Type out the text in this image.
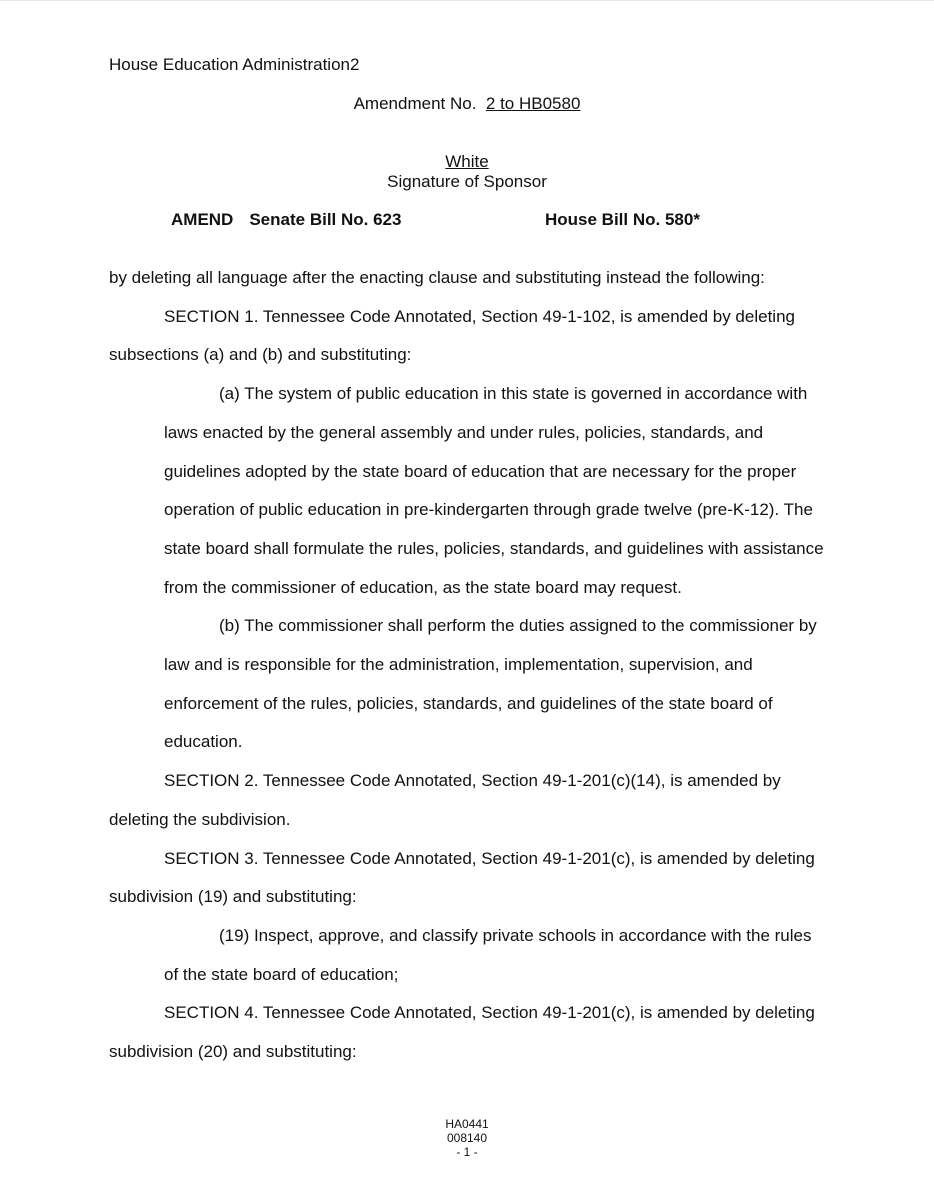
House Education Administration2
Amendment No. 2 to HB0580
White
Signature of Sponsor
AMEND Senate Bill No. 623	House Bill No. 580*

by deleting all language after the enacting clause and substituting instead the following:

SECTION 1. Tennessee Code Annotated, Section 49-1-102, is amended by deleting subsections (a) and (b) and substituting:

(a) The system of public education in this state is governed in accordance with laws enacted by the general assembly and under rules, policies, standards, and guidelines adopted by the state board of education that are necessary for the proper operation of public education in pre-kindergarten through grade twelve (pre-K-12). The state board shall formulate the rules, policies, standards, and guidelines with assistance from the commissioner of education, as the state board may request.

(b) The commissioner shall perform the duties assigned to the commissioner by law and is responsible for the administration, implementation, supervision, and enforcement of the rules, policies, standards, and guidelines of the state board of education.

SECTION 2. Tennessee Code Annotated, Section 49-1-201(c)(14), is amended by deleting the subdivision.

SECTION 3. Tennessee Code Annotated, Section 49-1-201(c), is amended by deleting subdivision (19) and substituting:

(19) Inspect, approve, and classify private schools in accordance with the rules of the state board of education;

SECTION 4. Tennessee Code Annotated, Section 49-1-201(c), is amended by deleting subdivision (20) and substituting:

HA0441
008140
- 1 -
